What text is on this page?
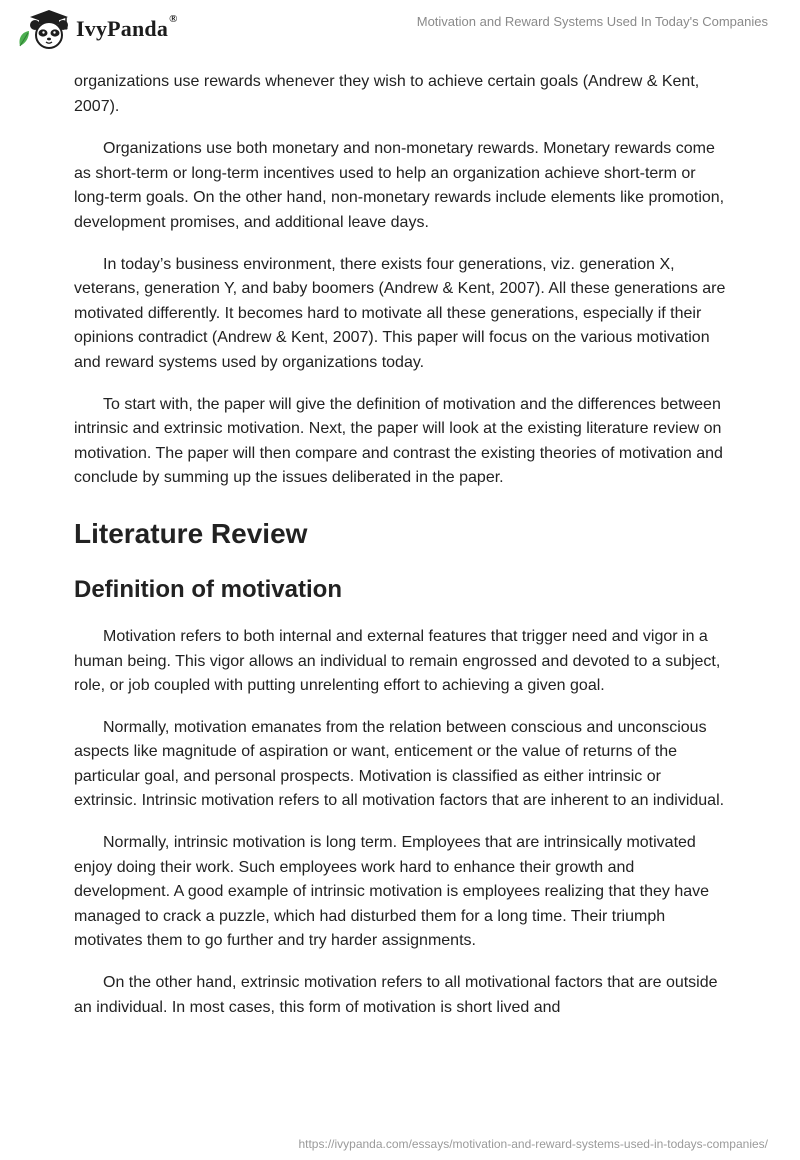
IvyPanda®	Motivation and Reward Systems Used In Today's Companies

organizations use rewards whenever they wish to achieve certain goals (Andrew & Kent, 2007).

Organizations use both monetary and non-monetary rewards. Monetary rewards come as short-term or long-term incentives used to help an organization achieve short-term or long-term goals. On the other hand, non-monetary rewards include elements like promotion, development promises, and additional leave days.

In today’s business environment, there exists four generations, viz. generation X, veterans, generation Y, and baby boomers (Andrew & Kent, 2007). All these generations are motivated differently. It becomes hard to motivate all these generations, especially if their opinions contradict (Andrew & Kent, 2007). This paper will focus on the various motivation and reward systems used by organizations today.

To start with, the paper will give the definition of motivation and the differences between intrinsic and extrinsic motivation. Next, the paper will look at the existing literature review on motivation. The paper will then compare and contrast the existing theories of motivation and conclude by summing up the issues deliberated in the paper.

Literature Review
Definition of motivation

Motivation refers to both internal and external features that trigger need and vigor in a human being. This vigor allows an individual to remain engrossed and devoted to a subject, role, or job coupled with putting unrelenting effort to achieving a given goal.

Normally, motivation emanates from the relation between conscious and unconscious aspects like magnitude of aspiration or want, enticement or the value of returns of the particular goal, and personal prospects. Motivation is classified as either intrinsic or extrinsic. Intrinsic motivation refers to all motivation factors that are inherent to an individual.

Normally, intrinsic motivation is long term. Employees that are intrinsically motivated enjoy doing their work. Such employees work hard to enhance their growth and development. A good example of intrinsic motivation is employees realizing that they have managed to crack a puzzle, which had disturbed them for a long time. Their triumph motivates them to go further and try harder assignments.

On the other hand, extrinsic motivation refers to all motivational factors that are outside an individual. In most cases, this form of motivation is short lived and

https://ivypanda.com/essays/motivation-and-reward-systems-used-in-todays-companies/
